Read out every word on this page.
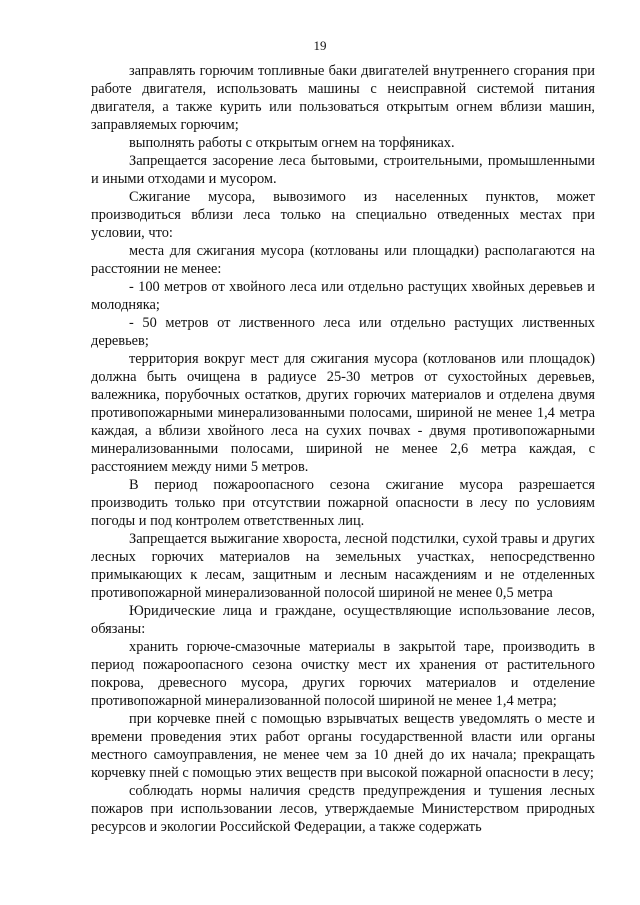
19

заправлять горючим топливные баки двигателей внутреннего сгорания при работе двигателя, использовать машины с неисправной системой питания двигателя, а также курить или пользоваться открытым огнем вблизи машин, заправляемых горючим;

выполнять работы с открытым огнем на торфяниках.

Запрещается засорение леса бытовыми, строительными, промышленными и иными отходами и мусором.

Сжигание мусора, вывозимого из населенных пунктов, может производиться вблизи леса только на специально отведенных местах при условии, что:

места для сжигания мусора (котлованы или площадки) располагаются на расстоянии не менее:

- 100 метров от хвойного леса или отдельно растущих хвойных деревьев и молодняка;

- 50 метров от лиственного леса или отдельно растущих лиственных деревьев;

территория вокруг мест для сжигания мусора (котлованов или площадок) должна быть очищена в радиусе 25-30 метров от сухостойных деревьев, валежника, порубочных остатков, других горючих материалов и отделена двумя противопожарными минерализованными полосами, шириной не менее 1,4 метра каждая, а вблизи хвойного леса на сухих почвах - двумя противопожарными минерализованными полосами, шириной не менее 2,6 метра каждая, с расстоянием между ними 5 метров.

В период пожароопасного сезона сжигание мусора разрешается производить только при отсутствии пожарной опасности в лесу по условиям погоды и под контролем ответственных лиц.

Запрещается выжигание хвороста, лесной подстилки, сухой травы и других лесных горючих материалов на земельных участках, непосредственно примыкающих к лесам, защитным и лесным насаждениям и не отделенных противопожарной минерализованной полосой шириной не менее 0,5 метра

Юридические лица и граждане, осуществляющие использование лесов, обязаны:

хранить горюче-смазочные материалы в закрытой таре, производить в период пожароопасного сезона очистку мест их хранения от растительного покрова, древесного мусора, других горючих материалов и отделение противопожарной минерализованной полосой шириной не менее 1,4 метра;

при корчевке пней с помощью взрывчатых веществ уведомлять о месте и времени проведения этих работ органы государственной власти или органы местного самоуправления, не менее чем за 10 дней до их начала; прекращать корчевку пней с помощью этих веществ при высокой пожарной опасности в лесу;

соблюдать нормы наличия средств предупреждения и тушения лесных пожаров при использовании лесов, утверждаемые Министерством природных ресурсов и экологии Российской Федерации, а также содержать
